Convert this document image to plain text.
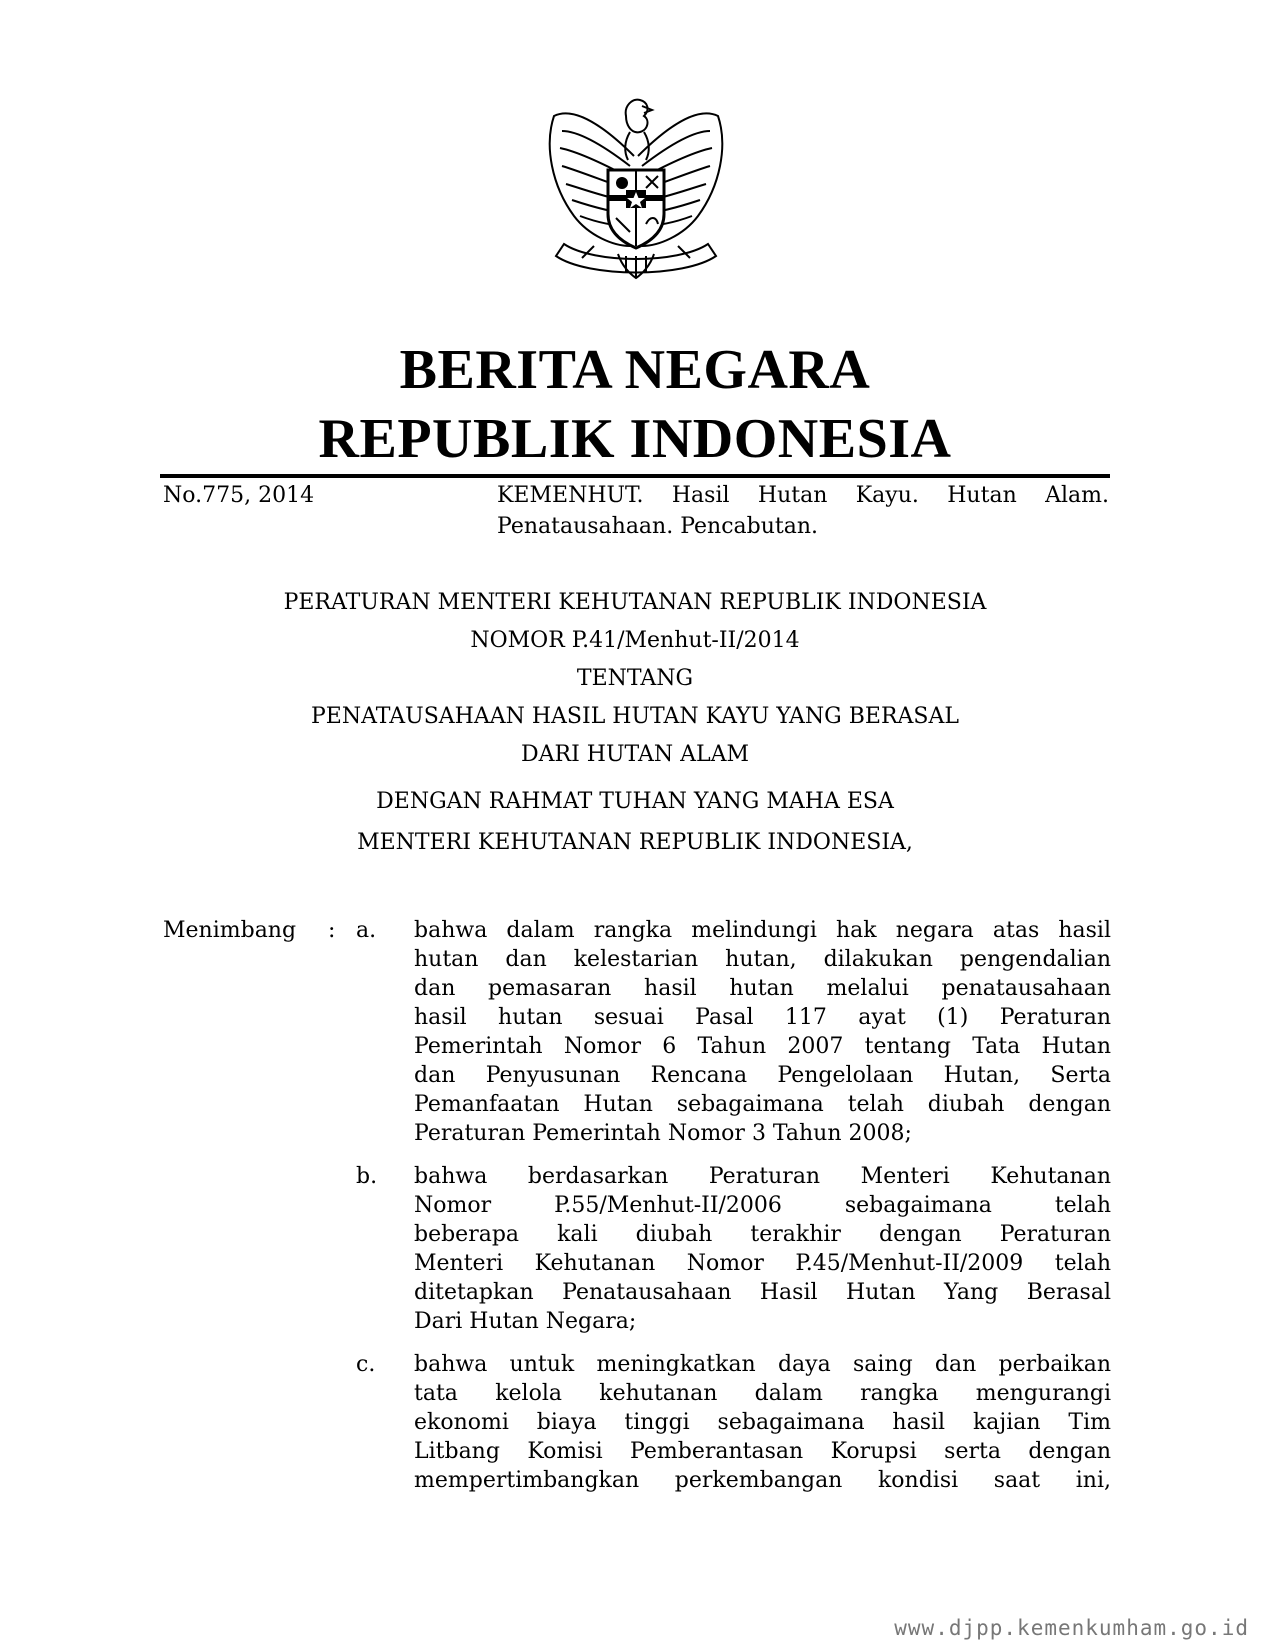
BERITA NEGARA
REPUBLIK INDONESIA
No.775, 2014	KEMENHUT. Hasil Hutan Kayu. Hutan Alam.
Penatausahaan. Pencabutan.
PERATURAN MENTERI KEHUTANAN REPUBLIK INDONESIA
NOMOR P.41/Menhut-II/2014
TENTANG
PENATAUSAHAAN HASIL HUTAN KAYU YANG BERASAL
DARI HUTAN ALAM
DENGAN RAHMAT TUHAN YANG MAHA ESA
MENTERI KEHUTANAN REPUBLIK INDONESIA,
Menimbang : a. bahwa dalam rangka melindungi hak negara atas hasil
hutan dan kelestarian hutan, dilakukan pengendalian
dan pemasaran hasil hutan melalui penatausahaan
hasil hutan sesuai Pasal 117 ayat (1) Peraturan
Pemerintah Nomor 6 Tahun 2007 tentang Tata Hutan
dan Penyusunan Rencana Pengelolaan Hutan, Serta
Pemanfaatan Hutan sebagaimana telah diubah dengan
Peraturan Pemerintah Nomor 3 Tahun 2008;
b. bahwa berdasarkan Peraturan Menteri Kehutanan
Nomor P.55/Menhut-II/2006 sebagaimana telah
beberapa kali diubah terakhir dengan Peraturan
Menteri Kehutanan Nomor P.45/Menhut-II/2009 telah
ditetapkan Penatausahaan Hasil Hutan Yang Berasal
Dari Hutan Negara;
c. bahwa untuk meningkatkan daya saing dan perbaikan
tata kelola kehutanan dalam rangka mengurangi
ekonomi biaya tinggi sebagaimana hasil kajian Tim
Litbang Komisi Pemberantasan Korupsi serta dengan
mempertimbangkan perkembangan kondisi saat ini,
www.djpp.kemenkumham.go.id
